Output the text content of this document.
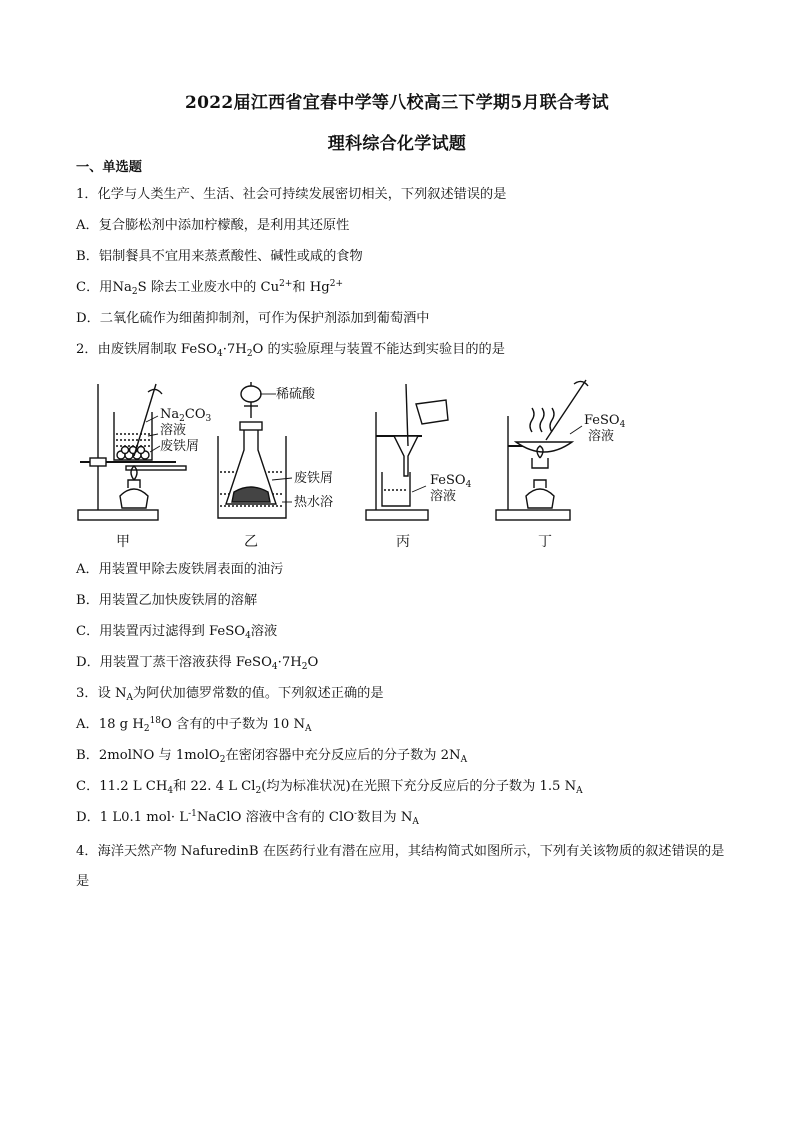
2022届江西省宜春中学等八校高三下学期5月联合考试
理科综合化学试题
一、单选题
1．化学与人类生产、生活、社会可持续发展密切相关，下列叙述错误的是
A．复合膨松剂中添加柠檬酸，是利用其还原性
B．铝制餐具不宜用来蒸煮酸性、碱性或咸的食物
C．用$Na_2S$ 除去工业废水中的 $Cu^{2+}$和 $Hg^{2+}$
D．二氧化硫作为细菌抑制剂，可作为保护剂添加到葡萄酒中
2．由废铁屑制取 $FeSO_4\cdot 7H_2O$ 的实验原理与装置不能达到实验目的的是
$Na_2CO_3$
溶液
废铁屑
稀硫酸
废铁屑
热水浴
FeSO$_4$
溶液
FeSO$_4$
溶液
甲	乙	丙	丁
A．用装置甲除去废铁屑表面的油污
B．用装置乙加快废铁屑的溶解
C．用装置丙过滤得到 FeSO$_4$溶液
D．用装置丁蒸干溶液获得 $FeSO_4\cdot 7H_2O$
3．设 $N_A$为阿伏加德罗常数的值。下列叙述正确的是
A．18 g $H_2^{18}O$ 含有的中子数为 10 $N_A$
B．2molNO 与 1molO$_2$在密闭容器中充分反应后的分子数为 $2N_A$
C．11.2 L $CH_4$和 22. 4 L $Cl_2$(均为标准状况)在光照下充分反应后的分子数为 1.5 $N_A$
D．1 L0.1 $mol\cdot L^{-1}NaClO$ 溶液中含有的 ClO-数目为 $N_A$
4．海洋天然产物 NafuredinB 在医药行业有潜在应用，其结构简式如图所示，下列有关该物质的叙述错误的是
是
